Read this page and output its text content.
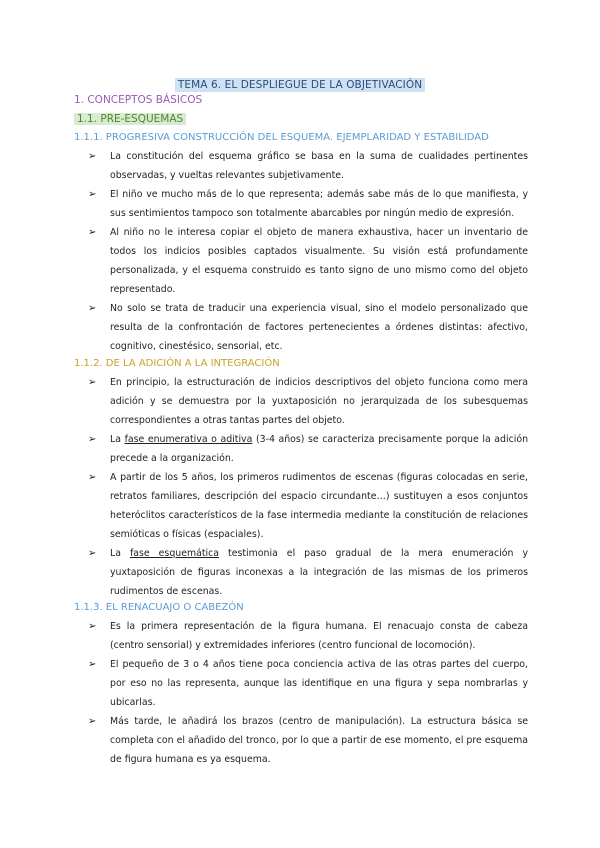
TEMA 6. EL DESPLIEGUE DE LA OBJETIVACIÓN
1. CONCEPTOS BÁSICOS
1.1. PRE-ESQUEMAS
1.1.1. PROGRESIVA CONSTRUCCIÓN DEL ESQUEMA. EJEMPLARIDAD Y ESTABILIDAD
➢ La constitución del esquema gráfico se basa en la suma de cualidades pertinentes observadas, y vueltas relevantes subjetivamente.
➢ El niño ve mucho más de lo que representa; además sabe más de lo que manifiesta, y sus sentimientos tampoco son totalmente abarcables por ningún medio de expresión.
➢ Al niño no le interesa copiar el objeto de manera exhaustiva, hacer un inventario de todos los indicios posibles captados visualmente. Su visión está profundamente personalizada, y el esquema construido es tanto signo de uno mismo como del objeto representado.
➢ No solo se trata de traducir una experiencia visual, sino el modelo personalizado que resulta de la confrontación de factores pertenecientes a órdenes distintas: afectivo, cognitivo, cinestésico, sensorial, etc.
1.1.2. DE LA ADICIÓN A LA INTEGRACIÓN
➢ En principio, la estructuración de indicios descriptivos del objeto funciona como mera adición y se demuestra por la yuxtaposición no jerarquizada de los subesquemas correspondientes a otras tantas partes del objeto.
➢ La fase enumerativa o aditiva (3-4 años) se caracteriza precisamente porque la adición precede a la organización.
➢ A partir de los 5 años, los primeros rudimentos de escenas (figuras colocadas en serie, retratos familiares, descripción del espacio circundante…) sustituyen a esos conjuntos heteróclitos característicos de la fase intermedia mediante la constitución de relaciones semióticas o físicas (espaciales).
➢ La fase esquemática testimonia el paso gradual de la mera enumeración y yuxtaposición de figuras inconexas a la integración de las mismas de los primeros rudimentos de escenas.
1.1.3. EL RENACUAJO O CABEZÓN
➢ Es la primera representación de la figura humana. El renacuajo consta de cabeza (centro sensorial) y extremidades inferiores (centro funcional de locomoción).
➢ El pequeño de 3 o 4 años tiene poca conciencia activa de las otras partes del cuerpo, por eso no las representa, aunque las identifique en una figura y sepa nombrarlas y ubicarlas.
➢ Más tarde, le añadirá los brazos (centro de manipulación). La estructura básica se completa con el añadido del tronco, por lo que a partir de ese momento, el pre esquema de figura humana es ya esquema.
